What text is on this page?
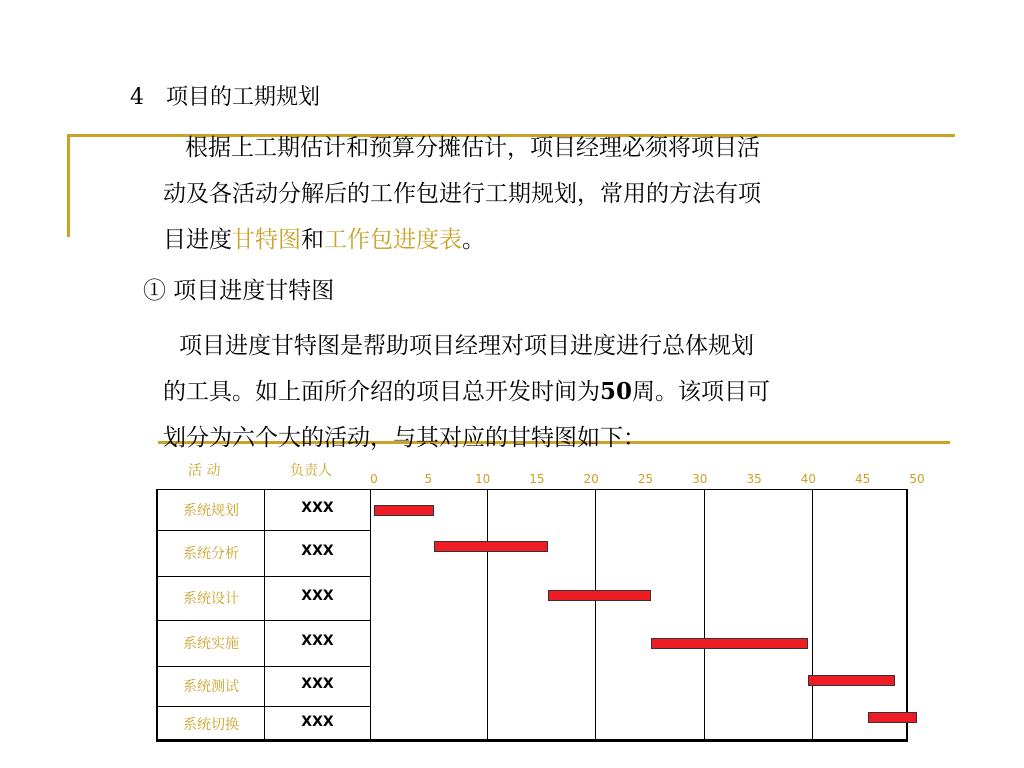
4 项目的工期规划
根据上工期估计和预算分摊估计，项目经理必须将项目活
动及各活动分解后的工作包进行工期规划，常用的方法有项
目进度甘特图和工作包进度表。
① 项目进度甘特图
项目进度甘特图是帮助项目经理对项目进度进行总体规划
的工具。如上面所介绍的项目总开发时间为50周。该项目可
划分为六个大的活动，与其对应的甘特图如下：
活 动	负责人	0	5	10	15	20	25	30	35	40	45	50
系统规划	XXX
系统分析	XXX
系统设计	XXX
系统实施	XXX
系统测试	XXX
系统切换	XXX
